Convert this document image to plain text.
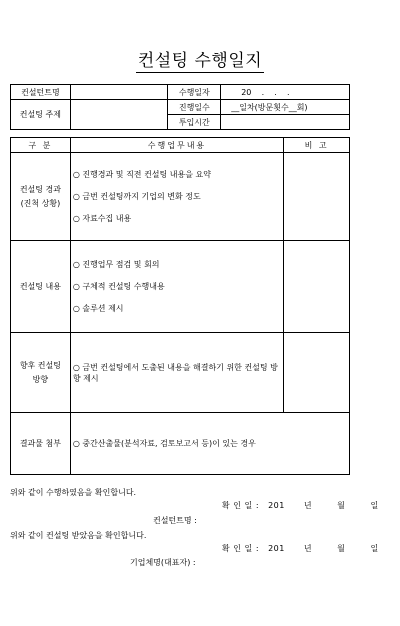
컨설팅 수행일지
컨설턴트명		수행일자	20    .    .    .
컨설팅 주제		진행일수	__일차(방문횟수__회)
		투입시간	
구 분	수행업무내용	비 고
컨설팅 경과
(진척 상황)	○ 진행경과 및 직전 컨설팅 내용을 요약
○ 금번 컨설팅까지 기업의 변화 정도
○ 자료수집 내용	

컨설팅 내용	○ 진행업무 점검 및 회의
○ 구체적 컨설팅 수행내용
○ 솔루션 제시	

향후 컨설팅
방향	○ 금번 컨설팅에서 도출된 내용을 해결하기 위한 컨설팅 방향 제시	

결과물 첨부	○ 중간산출물(분석자료, 검토보고서 등)이 있는 경우	
위와 같이 수행하였음을 확인합니다.
확 인 일 : 201 년	월	일
컨설턴트명 :
위와 같이 컨설팅 받았음을 확인합니다.
확 인 일 : 201 년	월	일
기업체명(대표자) :
